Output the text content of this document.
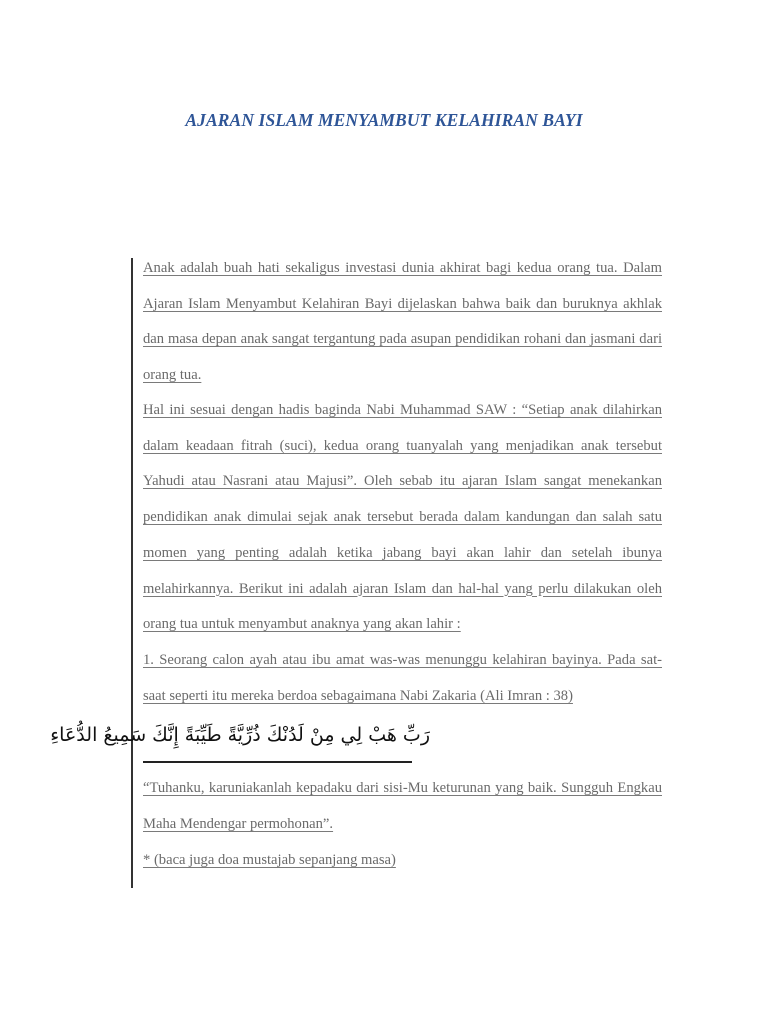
AJARAN ISLAM MENYAMBUT KELAHIRAN BAYI
Anak adalah buah hati sekaligus investasi dunia akhirat bagi kedua orang tua. Dalam Ajaran Islam Menyambut Kelahiran Bayi dijelaskan bahwa baik dan buruknya akhlak dan masa depan anak sangat tergantung pada asupan pendidikan rohani dan jasmani dari orang tua.
Hal ini sesuai dengan hadis baginda Nabi Muhammad SAW : “Setiap anak dilahirkan dalam keadaan fitrah (suci), kedua orang tuanyalah yang menjadikan anak tersebut Yahudi atau Nasrani atau Majusi”. Oleh sebab itu ajaran Islam sangat menekankan pendidikan anak dimulai sejak anak tersebut berada dalam kandungan dan salah satu momen yang penting adalah ketika jabang bayi akan lahir dan setelah ibunya melahirkannya. Berikut ini adalah ajaran Islam dan hal-hal yang perlu dilakukan oleh orang tua untuk menyambut anaknya yang akan lahir :
1. Seorang calon ayah atau ibu amat was-was menunggu kelahiran bayinya. Pada sat-saat seperti itu mereka berdoa sebagaimana Nabi Zakaria (Ali Imran : 38)
“Tuhanku, karuniakanlah kepadaku dari sisi-Mu keturunan yang baik. Sungguh Engkau Maha Mendengar permohonan”.
* (baca juga doa mustajab sepanjang masa)
رَبِّ هَبْ لِي مِنْ لَدُنْكَ ذُرِّيَّةً طَيِّبَةً إِنَّكَ سَمِيعُ الدُّعَاءِ
